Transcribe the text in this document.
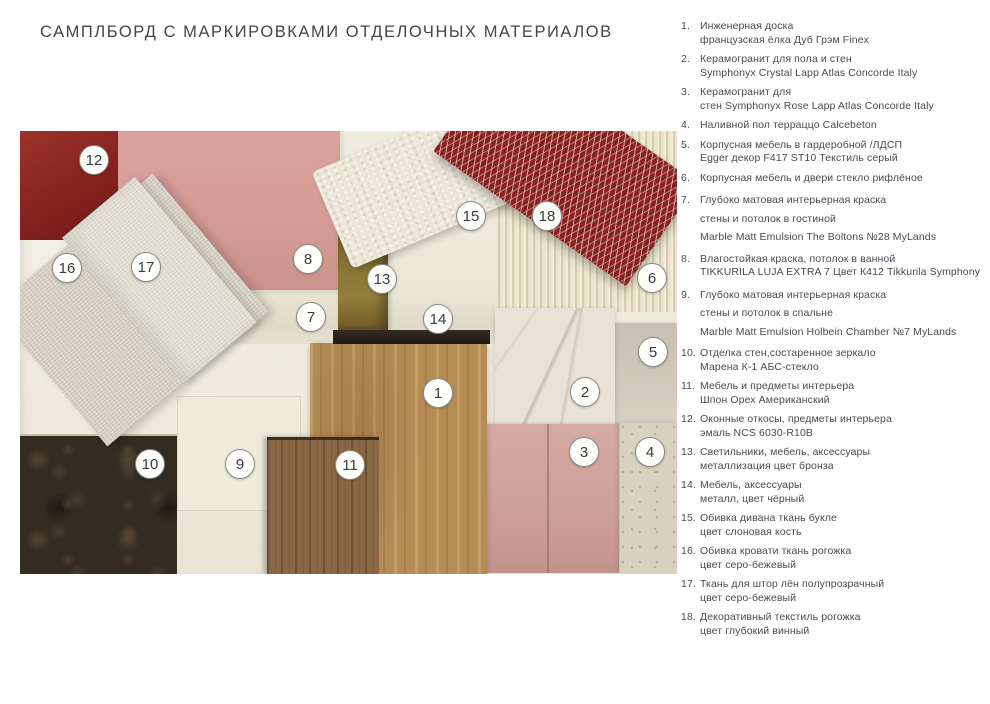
САМПЛБОРД С МАРКИРОВКАМИ ОТДЕЛОЧНЫХ МАТЕРИАЛОВ
1	2
3	4
5
6
7
8
9
10	11
12
13
14
15
16	17
18
1. Инженерная доска
французская ёлка Дуб Грэм Finex
2. Керамогранит для пола и стен
Symphonyx Crystal Lapp Atlas Concorde Italy
3. Керамогранит для
стен Symphonyx Rose Lapp Atlas Concorde Italy
4. Наливной пол терраццо Calcebeton
5. Корпусная мебель в гардеробной /ЛДСП
Egger декор F417 ST10 Текстиль серый
6. Корпусная мебель и двери стекло рифлёное
7. Глубоко матовая интерьерная краска
стены и потолок в гостиной
Marble Matt Emulsion The Boltons №28 MyLands
8. Влагостойкая краска, потолок в ванной
TIKKURILA LUJA EXTRA 7 Цвет К412 Tikkurila Symphony
9. Глубоко матовая интерьерная краска
стены и потолок в спальне
Marble Matt Emulsion Holbein Chamber №7 MyLands
10. Отделка стен,состаренное зеркало
Марена К-1 АБС-стекло
11. Мебель и предметы интерьера
Шпон Орех Американский
12. Оконные откосы, предметы интерьера
эмаль NCS 6030-R10B
13. Светильники, мебель, аксессуары
металлизация цвет бронза
14. Мебель, аксессуары
металл, цвет чёрный
15. Обивка дивана ткань букле
цвет слоновая кость
16. Обивка кровати ткань рогожка
цвет серо-бежевый
17. Ткань для штор лён полупрозрачный
цвет серо-бежевый
18. Декоративный текстиль рогожка
цвет глубокий винный
